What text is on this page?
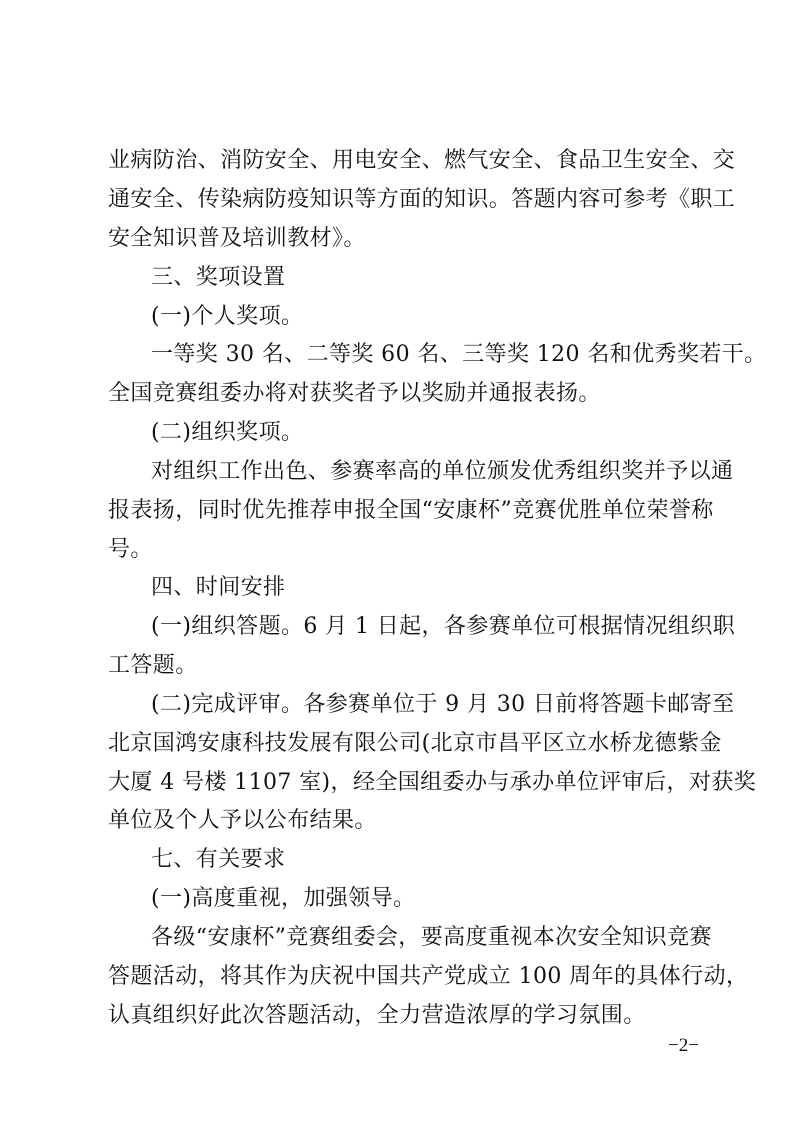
业病防治、消防安全、用电安全、燃气安全、食品卫生安全、交
通安全、传染病防疫知识等方面的知识。答题内容可参考《职工
安全知识普及培训教材》。
三、奖项设置
(一)个人奖项。
一等奖 30 名、二等奖 60 名、三等奖 120 名和优秀奖若干。
全国竞赛组委办将对获奖者予以奖励并通报表扬。
(二)组织奖项。
对组织工作出色、参赛率高的单位颁发优秀组织奖并予以通
报表扬，同时优先推荐申报全国“安康杯”竞赛优胜单位荣誉称
号。
四、时间安排
(一)组织答题。6 月 1 日起，各参赛单位可根据情况组织职
工答题。
(二)完成评审。各参赛单位于 9 月 30 日前将答题卡邮寄至
北京国鸿安康科技发展有限公司(北京市昌平区立水桥龙德紫金
大厦 4 号楼 1107 室)，经全国组委办与承办单位评审后，对获奖
单位及个人予以公布结果。
七、有关要求
(一)高度重视，加强领导。
各级“安康杯”竞赛组委会，要高度重视本次安全知识竞赛
答题活动，将其作为庆祝中国共产党成立 100 周年的具体行动，
认真组织好此次答题活动，全力营造浓厚的学习氛围。
−2−
